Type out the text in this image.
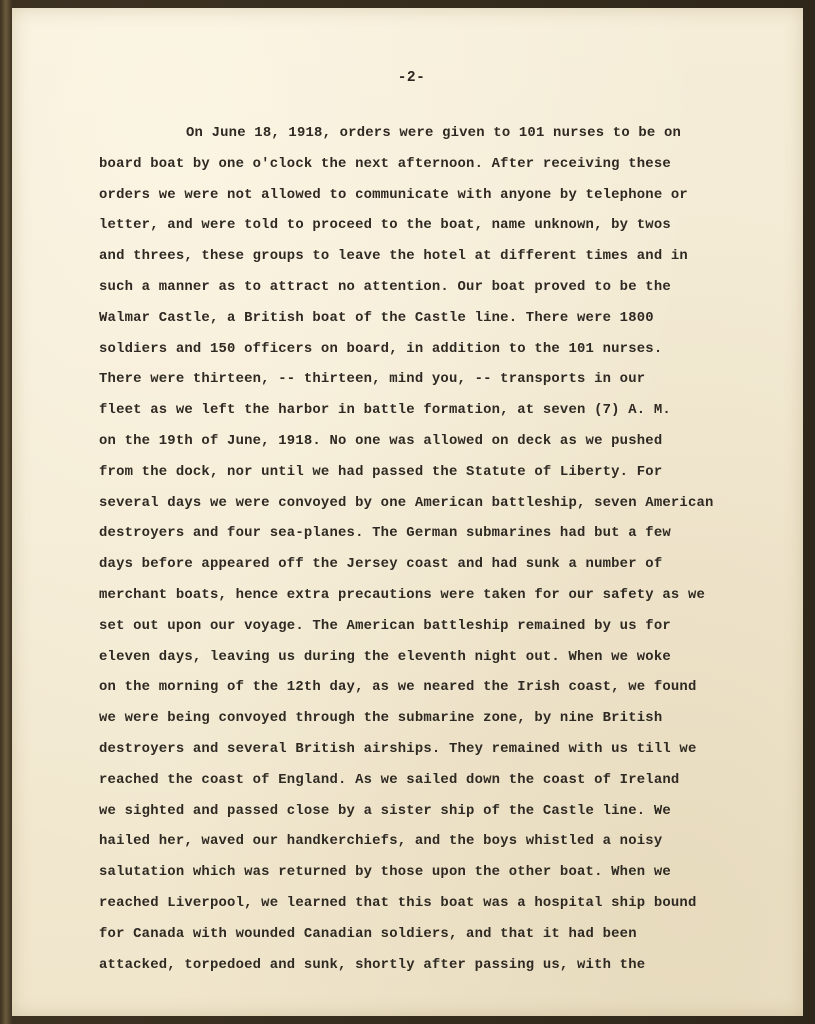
-2-
On June 18, 1918, orders were given to 101 nurses to be on
board boat by one o'clock the next afternoon. After receiving these
orders we were not allowed to communicate with anyone by telephone or
letter, and were told to proceed to the boat, name unknown, by twos
and threes, these groups to leave the hotel at different times and in
such a manner as to attract no attention. Our boat proved to be the
Walmar Castle, a British boat of the Castle line. There were 1800
soldiers and 150 officers on board, in addition to the 101 nurses.
There were thirteen, -- thirteen, mind you, -- transports in our
fleet as we left the harbor in battle formation, at seven (7) A. M.
on the 19th of June, 1918. No one was allowed on deck as we pushed
from the dock, nor until we had passed the Statute of Liberty. For
several days we were convoyed by one American battleship, seven American
destroyers and four sea-planes. The German submarines had but a few
days before appeared off the Jersey coast and had sunk a number of
merchant boats, hence extra precautions were taken for our safety as we
set out upon our voyage. The American battleship remained by us for
eleven days, leaving us during the eleventh night out. When we woke
on the morning of the 12th day, as we neared the Irish coast, we found
we were being convoyed through the submarine zone, by nine British
destroyers and several British airships. They remained with us till we
reached the coast of England. As we sailed down the coast of Ireland
we sighted and passed close by a sister ship of the Castle line. We
hailed her, waved our handkerchiefs, and the boys whistled a noisy
salutation which was returned by those upon the other boat. When we
reached Liverpool, we learned that this boat was a hospital ship bound
for Canada with wounded Canadian soldiers, and that it had been
attacked, torpedoed and sunk, shortly after passing us, with the
